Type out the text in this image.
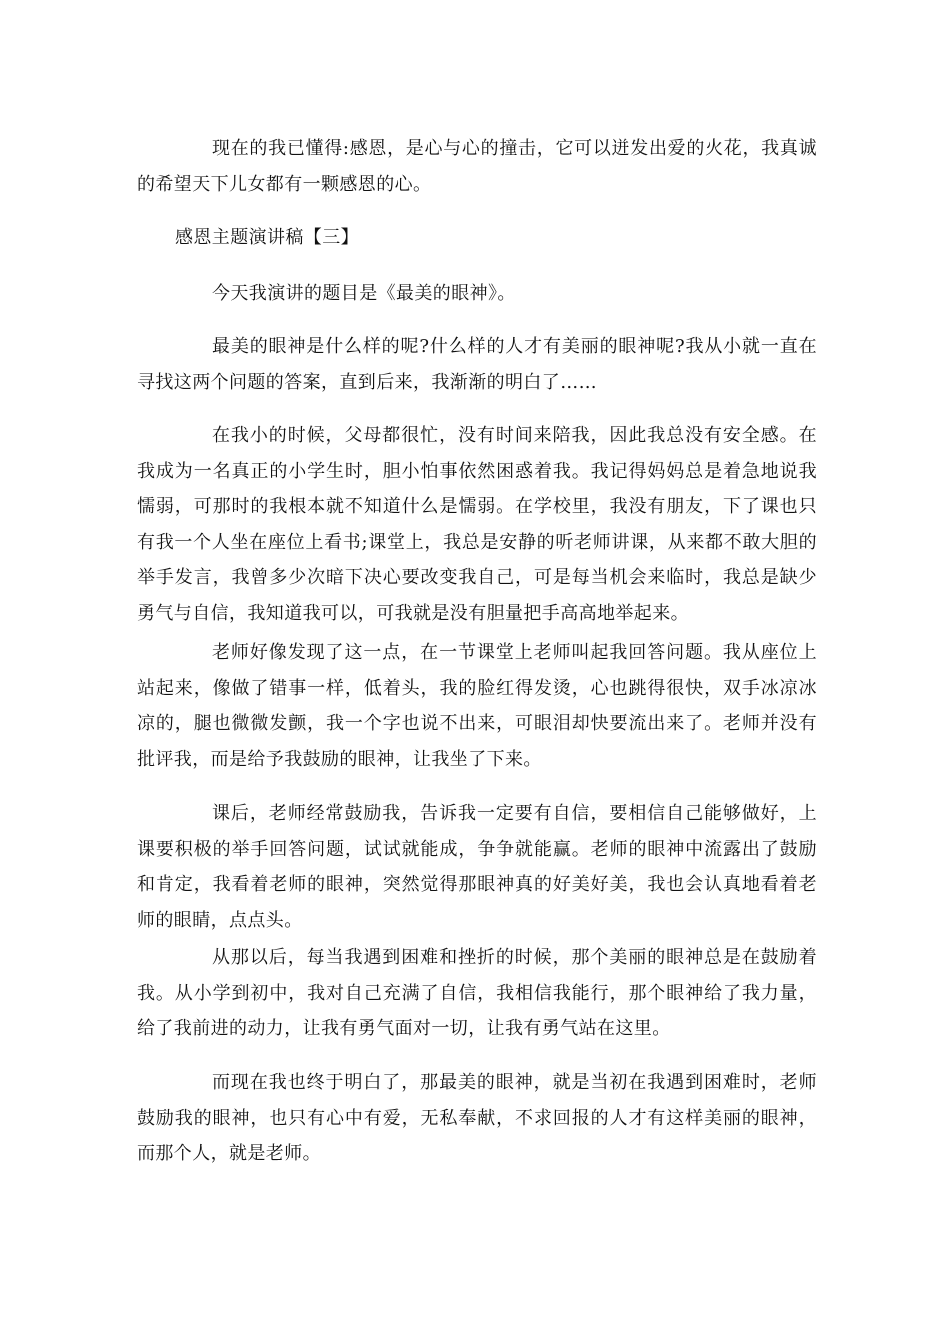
现在的我已懂得:感恩，是心与心的撞击，它可以迸发出爱的火花，我真诚的希望天下儿女都有一颗感恩的心。

感恩主题演讲稿【三】

今天我演讲的题目是《最美的眼神》。

最美的眼神是什么样的呢?什么样的人才有美丽的眼神呢?我从小就一直在寻找这两个问题的答案，直到后来，我渐渐的明白了……

在我小的时候，父母都很忙，没有时间来陪我，因此我总没有安全感。在我成为一名真正的小学生时，胆小怕事依然困惑着我。我记得妈妈总是着急地说我懦弱，可那时的我根本就不知道什么是懦弱。在学校里，我没有朋友，下了课也只有我一个人坐在座位上看书;课堂上，我总是安静的听老师讲课，从来都不敢大胆的举手发言，我曾多少次暗下决心要改变我自己，可是每当机会来临时，我总是缺少勇气与自信，我知道我可以，可我就是没有胆量把手高高地举起来。

老师好像发现了这一点，在一节课堂上老师叫起我回答问题。我从座位上站起来，像做了错事一样，低着头，我的脸红得发烫，心也跳得很快，双手冰凉冰凉的，腿也微微发颤，我一个字也说不出来，可眼泪却快要流出来了。老师并没有批评我，而是给予我鼓励的眼神，让我坐了下来。

课后，老师经常鼓励我，告诉我一定要有自信，要相信自己能够做好，上课要积极的举手回答问题，试试就能成，争争就能赢。老师的眼神中流露出了鼓励和肯定，我看着老师的眼神，突然觉得那眼神真的好美好美，我也会认真地看着老师的眼睛，点点头。

从那以后，每当我遇到困难和挫折的时候，那个美丽的眼神总是在鼓励着我。从小学到初中，我对自己充满了自信，我相信我能行，那个眼神给了我力量，给了我前进的动力，让我有勇气面对一切，让我有勇气站在这里。

而现在我也终于明白了，那最美的眼神，就是当初在我遇到困难时，老师鼓励我的眼神，也只有心中有爱，无私奉献，不求回报的人才有这样美丽的眼神，而那个人，就是老师。
